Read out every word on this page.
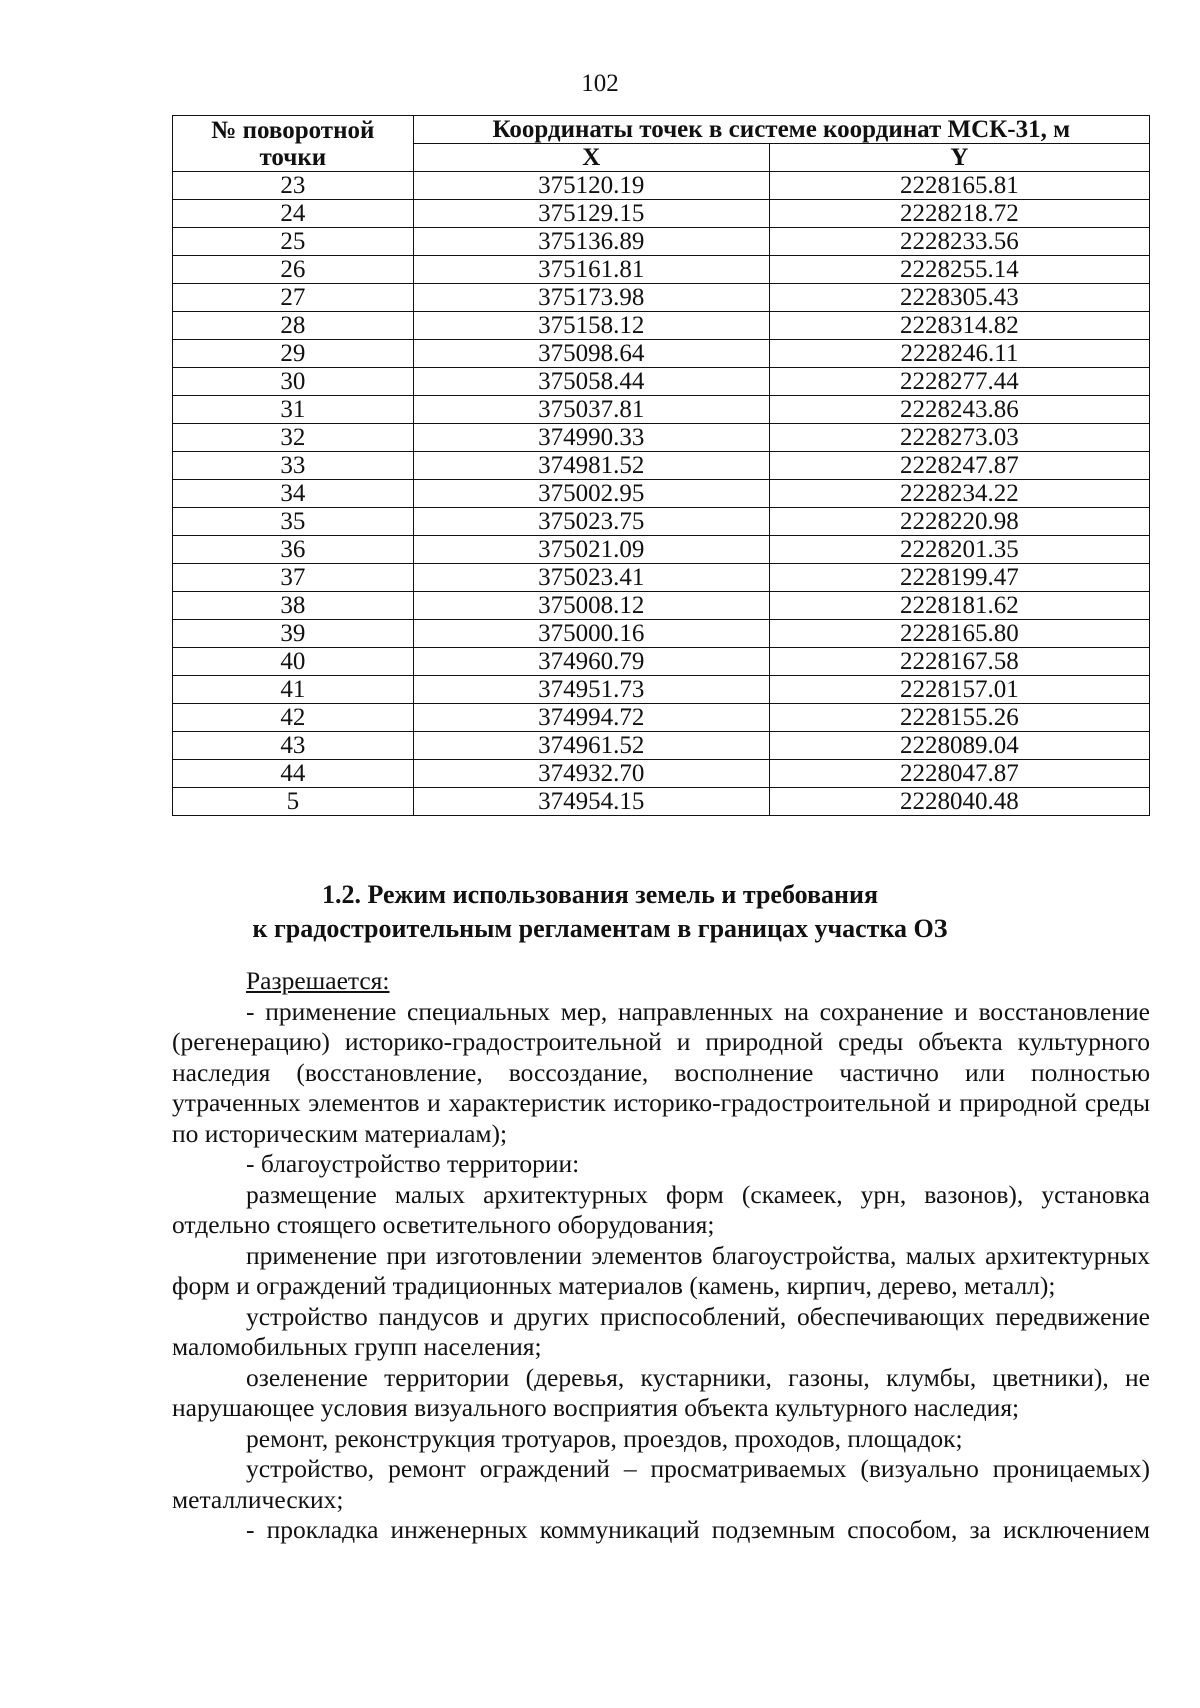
102
№ поворотной
точки	Координаты точек в системе координат МСК-31, м	
	X	Y
23	375120.19	2228165.81
24	375129.15	2228218.72
25	375136.89	2228233.56
26	375161.81	2228255.14
27	375173.98	2228305.43
28	375158.12	2228314.82
29	375098.64	2228246.11
30	375058.44	2228277.44
31	375037.81	2228243.86
32	374990.33	2228273.03
33	374981.52	2228247.87
34	375002.95	2228234.22
35	375023.75	2228220.98
36	375021.09	2228201.35
37	375023.41	2228199.47
38	375008.12	2228181.62
39	375000.16	2228165.80
40	374960.79	2228167.58
41	374951.73	2228157.01
42	374994.72	2228155.26
43	374961.52	2228089.04
44	374932.70	2228047.87
5	374954.15	2228040.48
1.2. Режим использования земель и требования
к градостроительным регламентам в границах участка ОЗ

Разрешается:

- применение специальных мер, направленных на сохранение и восстановление (регенерацию) историко-градостроительной и природной среды объекта культурного наследия (восстановление, воссоздание, восполнение частично или полностью утраченных элементов и характеристик историко-градостроительной и природной среды по историческим материалам);

- благоустройство территории:

размещение малых архитектурных форм (скамеек, урн, вазонов), установка отдельно стоящего осветительного оборудования;

применение при изготовлении элементов благоустройства, малых архитектурных форм и ограждений традиционных материалов (камень, кирпич, дерево, металл);

устройство пандусов и других приспособлений, обеспечивающих передвижение маломобильных групп населения;

озеленение территории (деревья, кустарники, газоны, клумбы, цветники), не нарушающее условия визуального восприятия объекта культурного наследия;

ремонт, реконструкция тротуаров, проездов, проходов, площадок;

устройство, ремонт ограждений – просматриваемых (визуально проницаемых) металлических;

- прокладка инженерных коммуникаций подземным способом, за исключением
